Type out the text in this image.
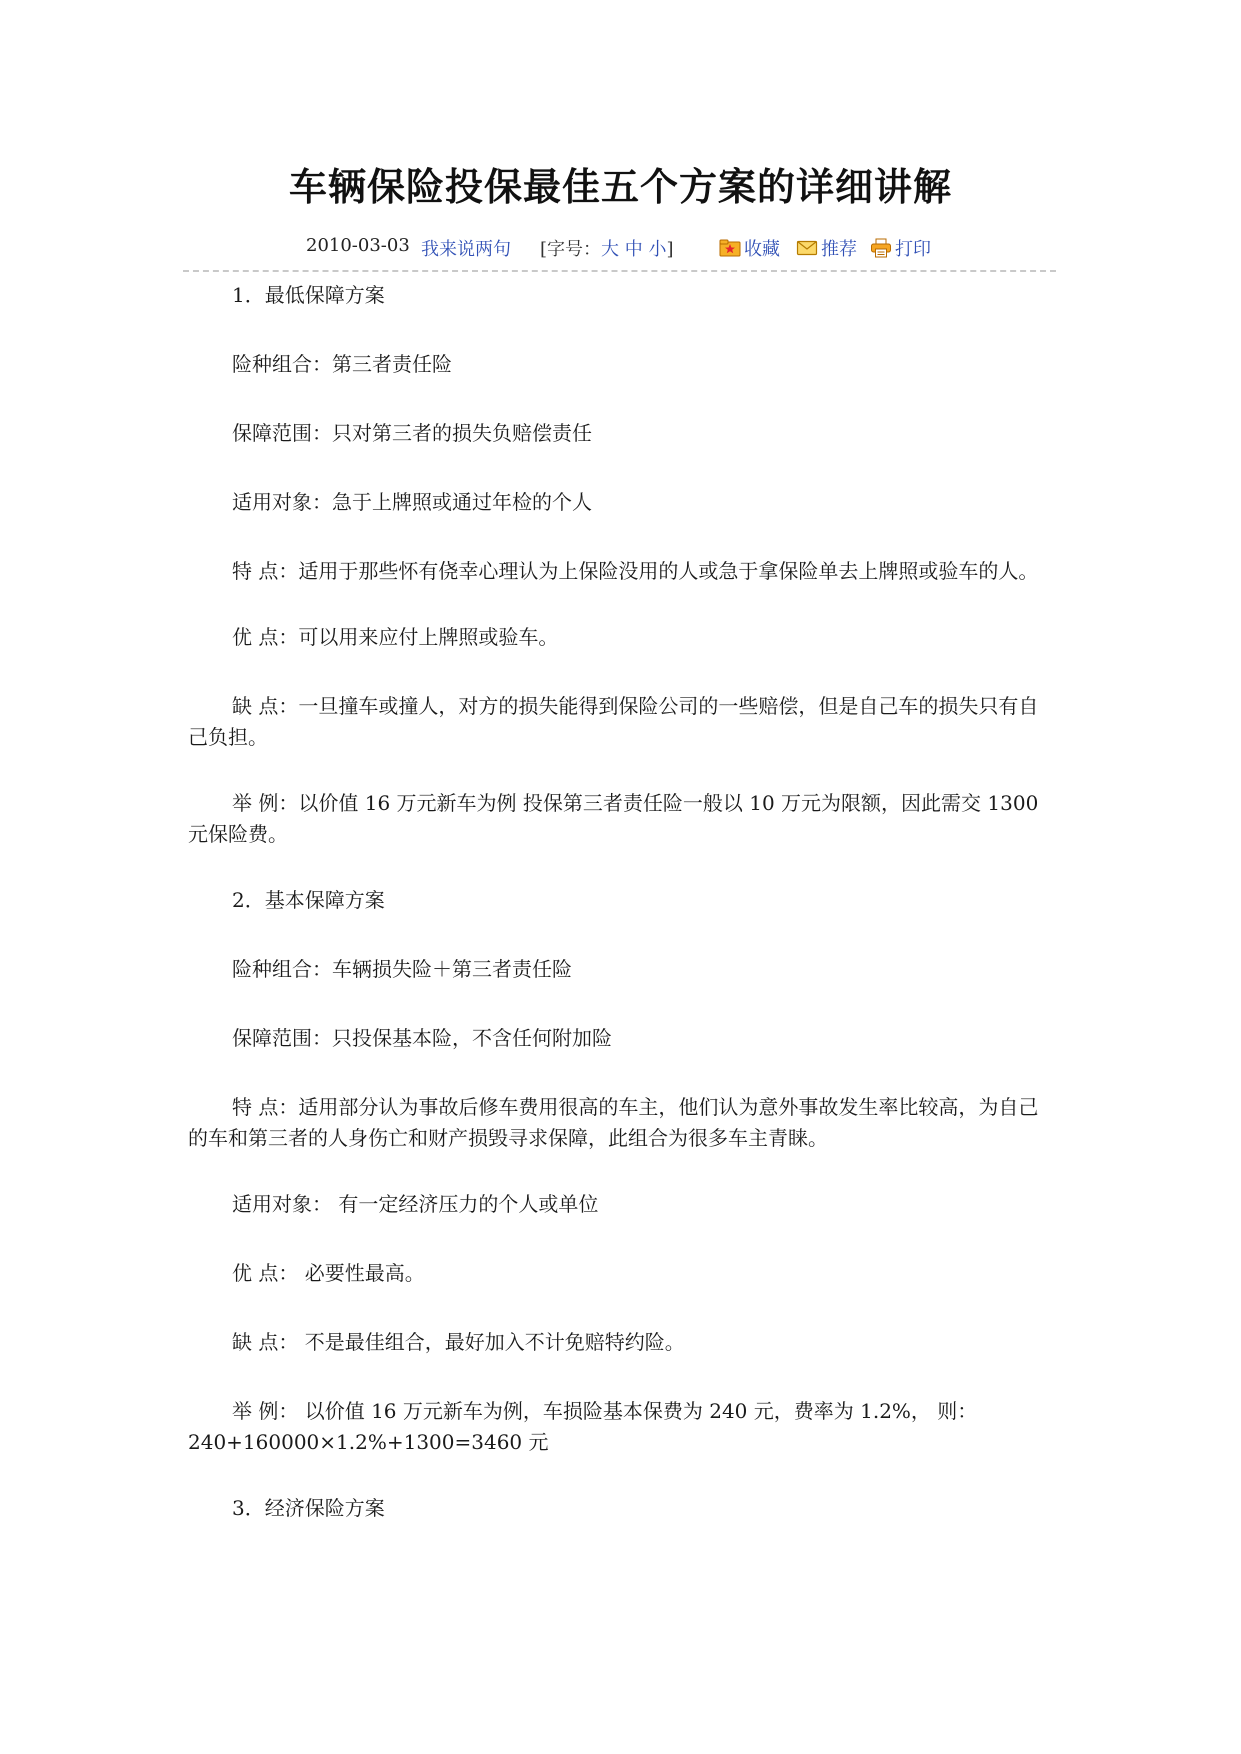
车辆保险投保最佳五个方案的详细讲解
2010-03-03 我来说两句 [字号：大 中 小]	收藏 推荐 打印

1．最低保障方案

险种组合：第三者责任险

保障范围：只对第三者的损失负赔偿责任

适用对象：急于上牌照或通过年检的个人

特 点：适用于那些怀有侥幸心理认为上保险没用的人或急于拿保险单去上牌照或验车的人。

优 点：可以用来应付上牌照或验车。

缺 点：一旦撞车或撞人，对方的损失能得到保险公司的一些赔偿，但是自己车的损失只有自己负担。

举 例：以价值 16 万元新车为例 投保第三者责任险一般以 10 万元为限额，因此需交 1300 元保险费。

2．基本保障方案

险种组合：车辆损失险＋第三者责任险

保障范围：只投保基本险，不含任何附加险

特 点：适用部分认为事故后修车费用很高的车主，他们认为意外事故发生率比较高，为自己的车和第三者的人身伤亡和财产损毁寻求保障，此组合为很多车主青睐。

适用对象： 有一定经济压力的个人或单位

优 点： 必要性最高。

缺 点： 不是最佳组合，最好加入不计免赔特约险。

举 例： 以价值 16 万元新车为例，车损险基本保费为 240 元，费率为 1.2%， 则：240+160000×1.2%+1300=3460 元

3．经济保险方案
